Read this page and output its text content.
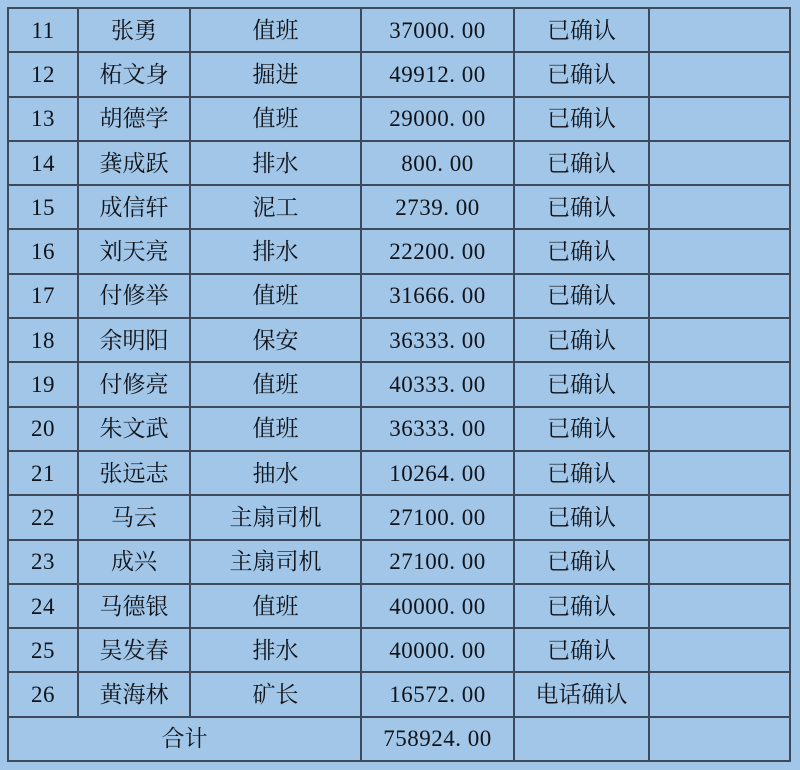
11	张勇	值班	37000. 00	已确认	
12	柘文身	掘进	49912. 00	已确认	
13	胡德学	值班	29000. 00	已确认	
14	龚成跃	排水	800. 00	已确认	
15	成信轩	泥工	2739. 00	已确认	
16	刘天亮	排水	22200. 00	已确认	
17	付修举	值班	31666. 00	已确认	
18	余明阳	保安	36333. 00	已确认	
19	付修亮	值班	40333. 00	已确认	
20	朱文武	值班	36333. 00	已确认	
21	张远志	抽水	10264. 00	已确认	
22	马云	主扇司机	27100. 00	已确认	
23	成兴	主扇司机	27100. 00	已确认	
24	马德银	值班	40000. 00	已确认	
25	吴发春	排水	40000. 00	已确认	
26	黄海林	矿长	16572. 00	电话确认	
合计			758924. 00		
